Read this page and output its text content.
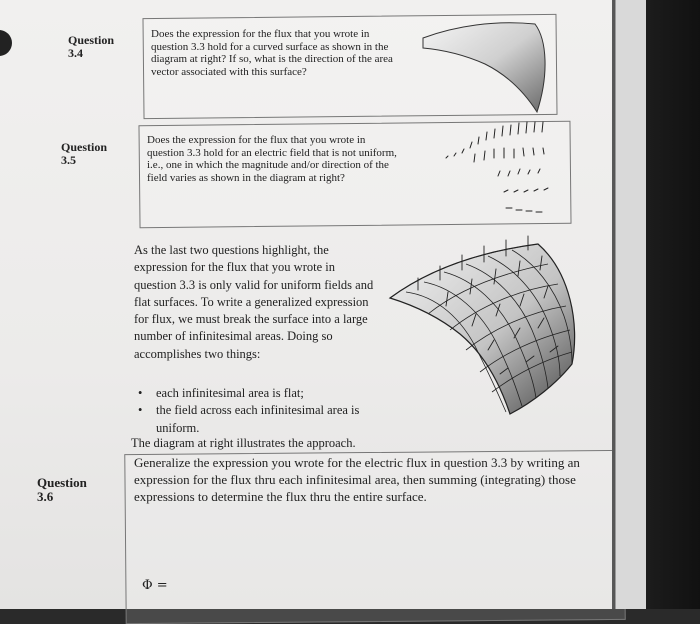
Question
3.4

Does the expression for the flux that you wrote in question 3.3 hold for a curved surface as shown in the diagram at right? If so, what is the direction of the area vector associated with this surface?

Question
3.5

Does the expression for the flux that you wrote in question 3.3 hold for an electric field that is not uniform, i.e., one in which the magnitude and/or direction of the field varies as shown in the diagram at right?

As the last two questions highlight, the expression for the flux that you wrote in question 3.3 is only valid for uniform fields and flat surfaces. To write a generalized expression for flux, we must break the surface into a large number of infinitesimal areas. Doing so accomplishes two things:

• each infinitesimal area is flat;
• the field across each infinitesimal area is uniform.

The diagram at right illustrates the approach.

Question
3.6

Generalize the expression you wrote for the electric flux in question 3.3 by writing an expression for the flux thru each infinitesimal area, then summing (integrating) those expressions to determine the flux thru the entire surface.

Φ =
